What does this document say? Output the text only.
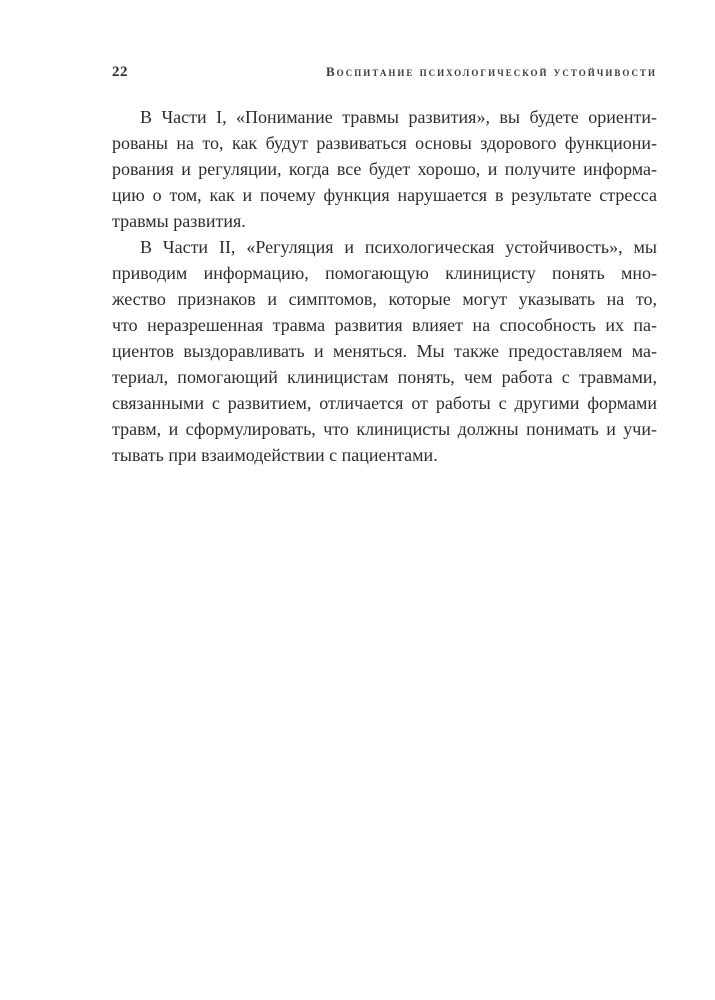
22	Воспитание психологической устойчивости

В Части I, «Понимание травмы развития», вы будете ориенти-
рованы на то, как будут развиваться основы здорового функциони-
рования и регуляции, когда все будет хорошо, и получите информа-
цию о том, как и почему функция нарушается в результате стресса
травмы развития.

В Части II, «Регуляция и психологическая устойчивость», мы
приводим информацию, помогающую клиницисту понять мно-
жество признаков и симптомов, которые могут указывать на то,
что неразрешенная травма развития влияет на способность их па-
циентов выздоравливать и меняться. Мы также предоставляем ма-
териал, помогающий клиницистам понять, чем работа с травмами,
связанными с развитием, отличается от работы с другими формами
травм, и сформулировать, что клиницисты должны понимать и учи-
тывать при взаимодействии с пациентами.
